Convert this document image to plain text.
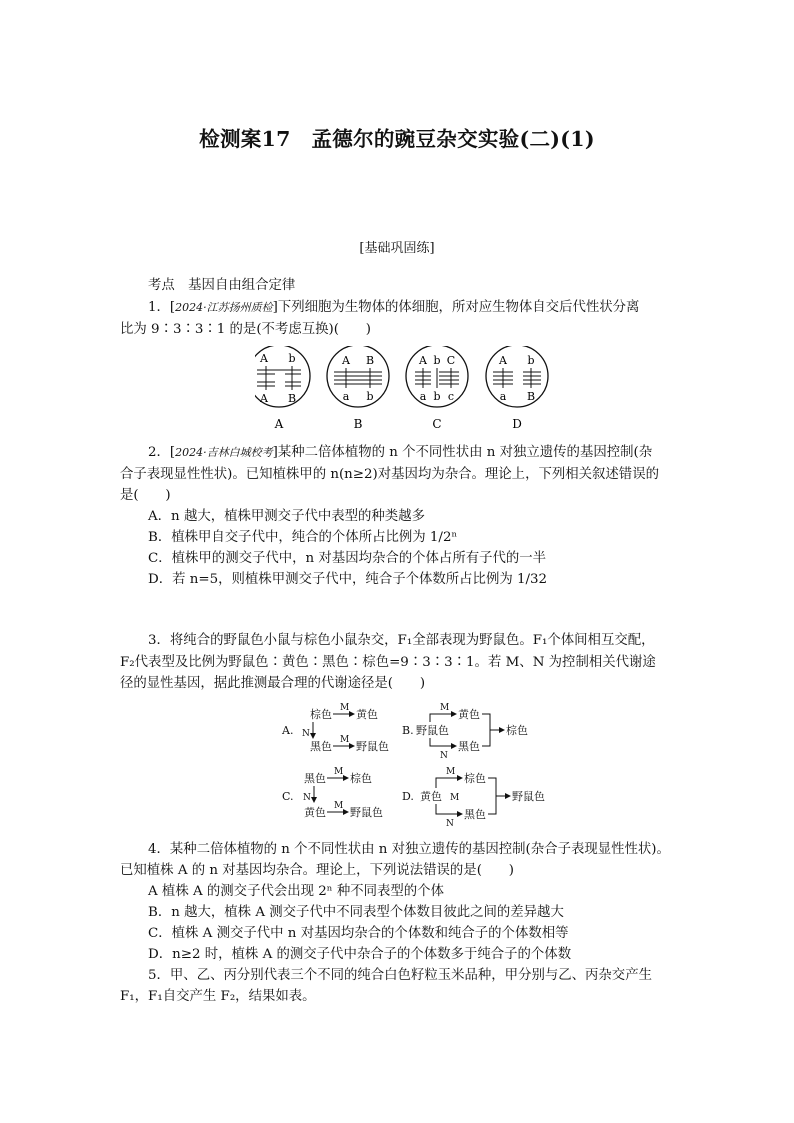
检测案17　孟德尔的豌豆杂交实验(二)(1)
[基础巩固练]
考点　基因自由组合定律
1．[2024·江苏扬州质检]下列细胞为生物体的体细胞，所对应生物体自交后代性状分离
比为 9∶3∶3∶1 的是(不考虑互换)(　　)
A b
A B
A
A B
a b
B
A b C
a b c
C
A b
a B
D
2．[2024·吉林白城校考]某种二倍体植物的 n 个不同性状由 n 对独立遗传的基因控制(杂
合子表现显性性状)。已知植株甲的 n(n≥2)对基因均为杂合。理论上，下列相关叙述错误的
是(　　)
A．n 越大，植株甲测交子代中表型的种类越多
B．植株甲自交子代中，纯合的个体所占比例为 1/2ⁿ
C．植株甲的测交子代中，n 对基因均杂合的个体占所有子代的一半
D．若 n=5，则植株甲测交子代中，纯合子个体数所占比例为 1/32
3．将纯合的野鼠色小鼠与棕色小鼠杂交，F₁全部表现为野鼠色。F₁个体间相互交配，
F₂代表型及比例为野鼠色∶黄色∶黑色∶棕色=9∶3∶3∶1。若 M、N 为控制相关代谢途
径的显性基因，据此推测最合理的代谢途径是(　　)
A.
棕色 M 黄色
N
黑色 M 野鼠色
B. 野鼠色
M
N
黄色
黑色
棕色
C.
黑色 M 棕色
N
黄色 M 野鼠色
D. 黄色
M
M
N
棕色
黑色
野鼠色
4．某种二倍体植物的 n 个不同性状由 n 对独立遗传的基因控制(杂合子表现显性性状)。
已知植株 A 的 n 对基因均杂合。理论上，下列说法错误的是(　　)
A 植株 A 的测交子代会出现 2ⁿ 种不同表型的个体
B．n 越大，植株 A 测交子代中不同表型个体数目彼此之间的差异越大
C．植株 A 测交子代中 n 对基因均杂合的个体数和纯合子的个体数相等
D．n≥2 时，植株 A 的测交子代中杂合子的个体数多于纯合子的个体数
5．甲、乙、丙分别代表三个不同的纯合白色籽粒玉米品种，甲分别与乙、丙杂交产生
F₁，F₁自交产生 F₂，结果如表。
